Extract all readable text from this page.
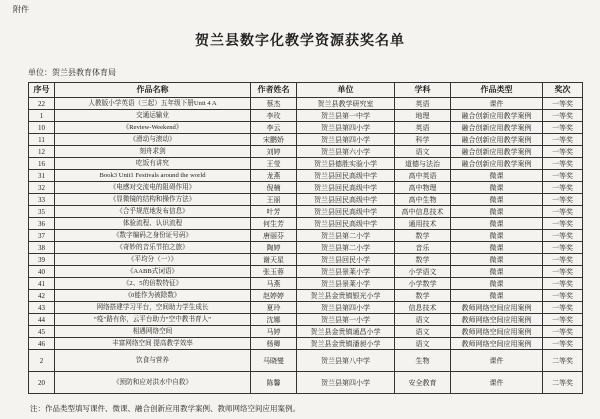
附件
贺兰县数字化教学资源获奖名单
单位：贺兰县教育体育局
序号	作品名称	作者姓名	单位	学科	作品类型	奖次
22	人教版小学英语（三起）五年级下册Unit 4 A	蔡杰	贺兰县教学研究室	英语	课件	一等奖
1	交通运输业	李玫	贺兰县第一中学	地理	融合创新应用教学案例	一等奖
10	《Review-Weekend》	李云	贺兰县第四小学	英语	融合创新应用教学案例	一等奖
11	《滑动与滚动》	宋鹏娇	贺兰县第四小学	科学	融合创新应用教学案例	一等奖
12	刻舟求剑	刘婷	贺兰县第六小学	语文	融合创新应用教学案例	一等奖
16	吃饭有讲究	王莹	贺兰县德胜实验小学	道德与法治	融合创新应用教学案例	一等奖
31	Book3 Unit1 Festivals around the world	龙燕	贺兰县回民高级中学	高中英语	微课	一等奖
32	《电感对交流电的阻碍作用》	倪楠	贺兰县回民高级中学	高中物理	微课	一等奖
33	《显微镜的结构和操作方法》	王丽	贺兰县回民高级中学	高中生物	微课	一等奖
35	《合乎规范地发布信息》	叶芳	贺兰县回民高级中学	高中信息技术	微课	一等奖
36	体验流程、认识流程	何生芳	贺兰县回民高级中学	通用技术	微课	一等奖
37	《数字编码之身份证号码》	唐丽芬	贺兰县第二小学	数学	微课	一等奖
38	《奇妙的音乐节拍之旅》	陶婷	贺兰县第二小学	音乐	微课	一等奖
39	《平均分（一）》	谢天星	贺兰县回民小学	数学	微课	一等奖
40	《AABB式词语》	张玉蓉	贺兰县景莱小学	小学语文	微课	一等奖
41	《2、5的倍数特征》	马燕	贺兰县景莱小学	小学数学	微课	一等奖
42	《0能作为被除数》	赵婷婷	贺兰县金贵镇银光小学	数学	微课	一等奖
43	网络搭建学习平台，空间助力学生成长	夏玲	贺兰县第四小学	信息技术	教师网络空间应用案例	一等奖
44	“疫”路有你，云平台助力“空中教书育人”	沈娜	贺兰县第一小学	语文	教师网络空间应用案例	一等奖
45	相遇网络空间	马婷	贺兰县金贵镇通昌小学	语文	教师网络空间应用案例	一等奖
46	丰富网络空间 提高教学效率	杨卿	贺兰县金贵镇潘昶小学	语文	教师网络空间应用案例	一等奖
2	饮食与营养	马晓燮	贺兰县第八中学	生物	课件	二等奖
20	《预防和应对洪水中自救》	陈馨	贺兰县第四小学	安全教育	课件	二等奖
注：作品类型填写课件、微课、融合创新应用教学案例、教师网络空间应用案例。
